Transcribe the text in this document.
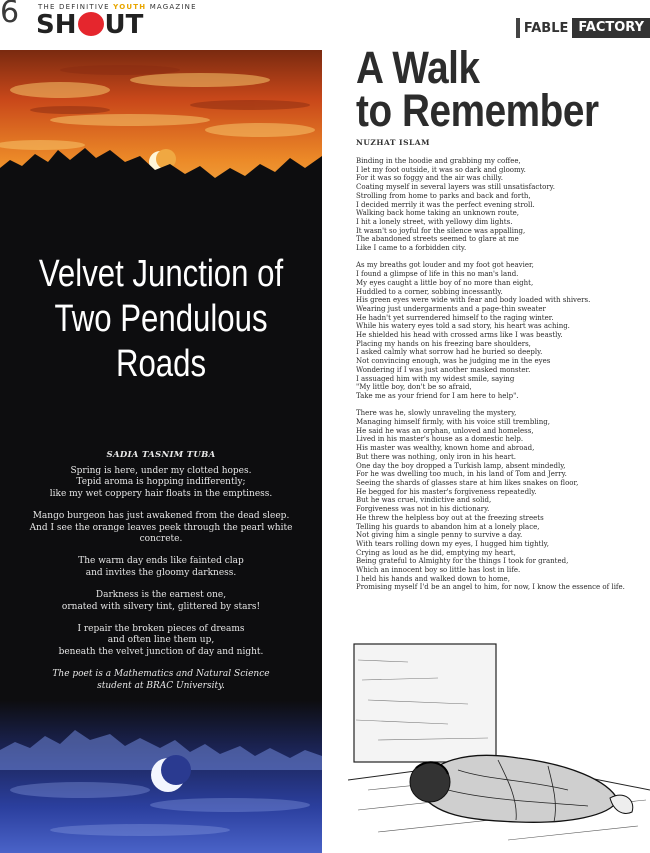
6	THE DEFINITIVE YOUTH MAGAZINE
SH UT	FABLE FACTORY
Velvet Junction of
Two Pendulous
Roads
SADIA TASNIM TUBA
Spring is here, under my clotted hopes.
Tepid aroma is hopping indifferently;
like my wet coppery hair floats in the emptiness.
Mango burgeon has just awakened from the dead sleep.
And I see the orange leaves peek through the pearl white concrete.
The warm day ends like fainted clap
and invites the gloomy darkness.
Darkness is the earnest one,
ornated with silvery tint, glittered by stars!
I repair the broken pieces of dreams
and often line them up,
beneath the velvet junction of day and night.
The poet is a Mathematics and Natural Science
student at BRAC University.
A Walk
to Remember
NUZHAT ISLAM
Binding in the hoodie and grabbing my coffee,
I let my foot outside, it was so dark and gloomy.
For it was so foggy and the air was chilly.
Coating myself in several layers was still unsatisfactory.
Strolling from home to parks and back and forth,
I decided merrily it was the perfect evening stroll.
Walking back home taking an unknown route,
I hit a lonely street, with yellowy dim lights.
It wasn't so joyful for the silence was appalling,
The abandoned streets seemed to glare at me
Like I came to a forbidden city.
As my breaths got louder and my foot got heavier,
I found a glimpse of life in this no man's land.
My eyes caught a little boy of no more than eight,
Huddled to a corner, sobbing incessantly.
His green eyes were wide with fear and body loaded with shivers.
Wearing just undergarments and a page-thin sweater
He hadn't yet surrendered himself to the raging winter.
While his watery eyes told a sad story, his heart was aching.
He shielded his head with crossed arms like I was beastly.
Placing my hands on his freezing bare shoulders,
I asked calmly what sorrow had he buried so deeply.
Not convincing enough, was he judging me in the eyes
Wondering if I was just another masked monster.
I assuaged him with my widest smile, saying
"My little boy, don't be so afraid,
Take me as your friend for I am here to help".
There was he, slowly unraveling the mystery,
Managing himself firmly, with his voice still trembling,
He said he was an orphan, unloved and homeless,
Lived in his master's house as a domestic help.
His master was wealthy, known home and abroad,
But there was nothing, only iron in his heart.
One day the boy dropped a Turkish lamp, absent mindedly,
For he was dwelling too much, in his land of Tom and Jerry.
Seeing the shards of glasses stare at him likes snakes on floor,
He begged for his master's forgiveness repeatedly.
But he was cruel, vindictive and solid,
Forgiveness was not in his dictionary.
He threw the helpless boy out at the freezing streets
Telling his guards to abandon him at a lonely place,
Not giving him a single penny to survive a day.
With tears rolling down my eyes, I hugged him tightly,
Crying as loud as he did, emptying my heart,
Being grateful to Almighty for the things I took for granted,
Which an innocent boy so little has lost in life.
I held his hands and walked down to home,
Promising myself I'd be an angel to him, for now, I know the essence of life.
